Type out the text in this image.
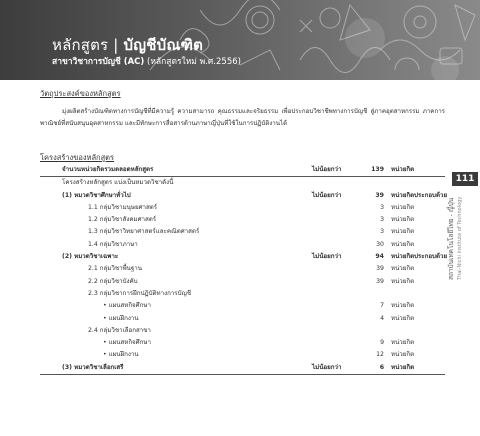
หลักสูตร | บัญชีบัณฑิต
สาขาวิชาการบัญชี (AC) (หลักสูตรใหม่ พ.ศ.2556)
111
สถาบันเทคโนโลยีไทย - ญี่ปุ่น Thai-Nichi Institute of Technology
วัตถุประสงค์ของหลักสูตร
มุ่งผลิตสร้างบัณฑิตทางการบัญชีที่มีความรู้ ความสามารถ คุณธรรมและจริยธรรม เพื่อประกอบวิชาชีพทางการบัญชี สู่ภาคอุตสาหกรรม ภาคการพาณิชย์ที่สนับสนุนอุตสาหกรรม และมีทักษะการสื่อสารด้านภาษาญี่ปุ่นที่ใช้ในการปฏิบัติงานได้
โครงสร้างของหลักสูตร
จำนวนหน่วยกิตรวมตลอดหลักสูตร	ไม่น้อยกว่า	139 หน่วยกิต
โครงสร้างหลักสูตร แบ่งเป็นหมวดวิชาดังนี้
(1) หมวดวิชาศึกษาทั่วไป	ไม่น้อยกว่า	39 หน่วยกิต ประกอบด้วย
1.1 กลุ่มวิชามนุษยศาสตร์	3 หน่วยกิต
1.2 กลุ่มวิชาสังคมศาสตร์	3 หน่วยกิต
1.3 กลุ่มวิชาวิทยาศาสตร์และคณิตศาสตร์	3 หน่วยกิต
1.4 กลุ่มวิชาภาษา	30 หน่วยกิต
(2) หมวดวิชาเฉพาะ	ไม่น้อยกว่า	94 หน่วยกิต ประกอบด้วย
2.1 กลุ่มวิชาพื้นฐาน	39 หน่วยกิต
2.2 กลุ่มวิชาบังคับ	39 หน่วยกิต
2.3 กลุ่มวิชาการฝึกปฏิบัติทางการบัญชี
• แผนสหกิจศึกษา	7 หน่วยกิต
• แผนฝึกงาน	4 หน่วยกิต
2.4 กลุ่มวิชาเลือกสาขา
• แผนสหกิจศึกษา	9 หน่วยกิต
• แผนฝึกงาน	12 หน่วยกิต
(3) หมวดวิชาเลือกเสรี	ไม่น้อยกว่า	6 หน่วยกิต
